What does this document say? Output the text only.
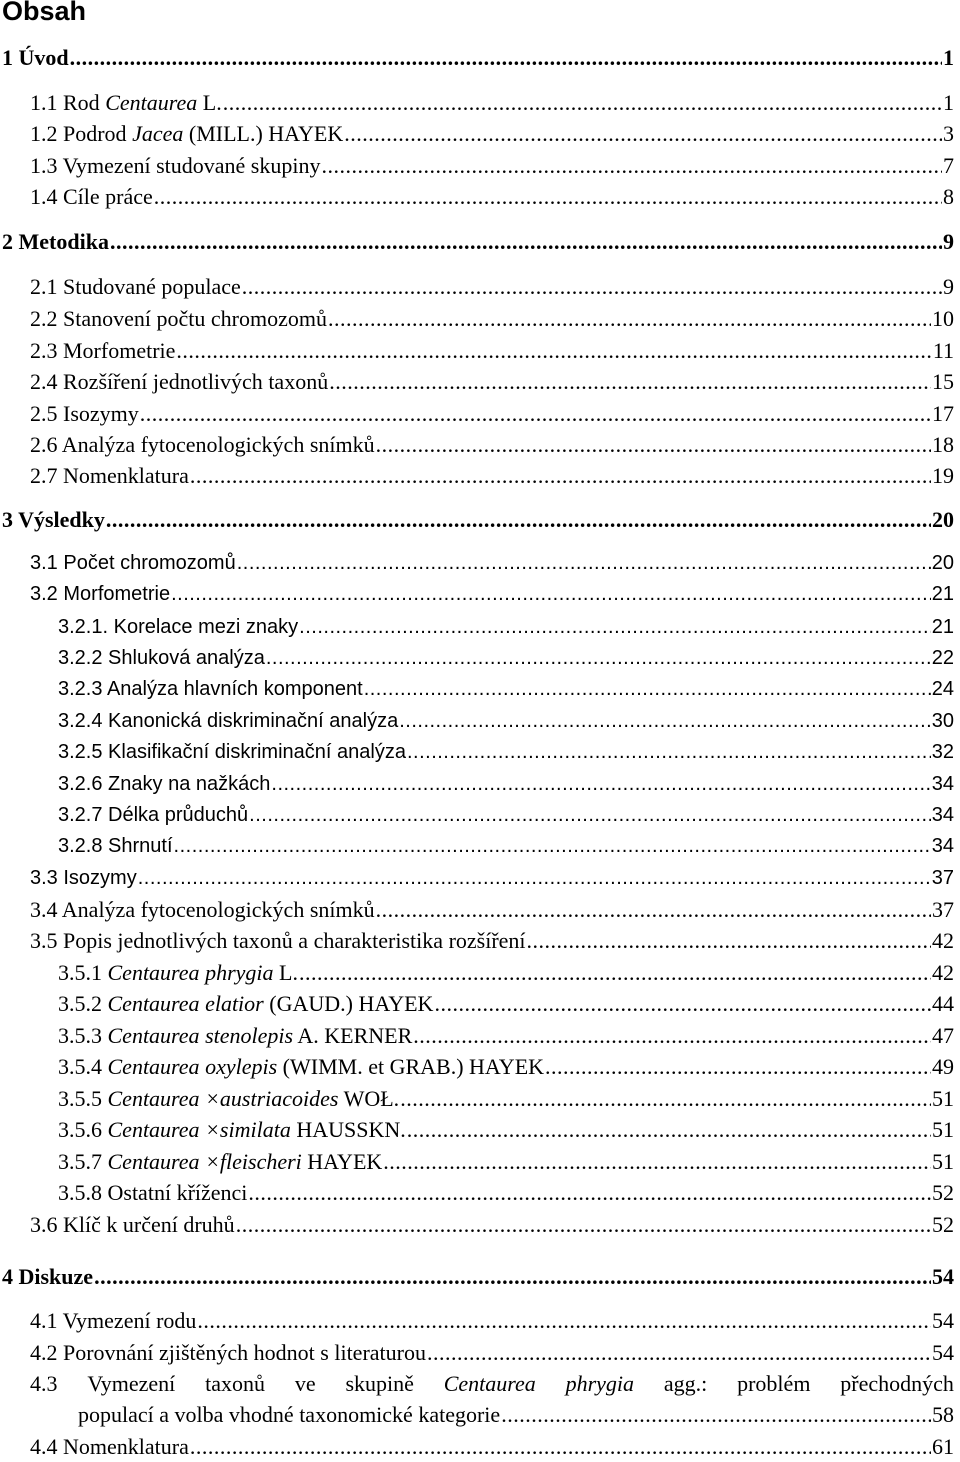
Obsah
1 Úvod .....	1
1.1 Rod Centaurea L. .....	1
1.2 Podrod Jacea (MILL.) HAYEK .....	3
1.3 Vymezení studované skupiny .....	7
1.4 Cíle práce .....	8
2 Metodika .....	9
2.1 Studované populace .....	9
2.2 Stanovení počtu chromozomů .....	10
2.3 Morfometrie .....	11
2.4 Rozšíření jednotlivých taxonů .....	15
2.5 Isozymy .....	17
2.6 Analýza fytocenologických snímků .....	18
2.7 Nomenklatura .....	19
3 Výsledky .....	20
3.1 Počet chromozomů .....	20
3.2 Morfometrie .....	21
3.2.1. Korelace mezi znaky .....	21
3.2.2 Shluková analýza .....	22
3.2.3 Analýza hlavních komponent .....	24
3.2.4 Kanonická diskriminační analýza .....	30
3.2.5 Klasifikační diskriminační analýza .....	32
3.2.6 Znaky na nažkách .....	34
3.2.7 Délka průduchů .....	34
3.2.8 Shrnutí .....	34
3.3 Isozymy .....	37
3.4 Analýza fytocenologických snímků .....	37
3.5 Popis jednotlivých taxonů a charakteristika rozšíření .....	42
3.5.1 Centaurea phrygia L. .....	42
3.5.2 Centaurea elatior (GAUD.) HAYEK .....	44
3.5.3 Centaurea stenolepis A. KERNER .....	47
3.5.4 Centaurea oxylepis (WIMM. et GRAB.) HAYEK .....	49
3.5.5 Centaurea ×austriacoides WOŁ. .....	51
3.5.6 Centaurea ×similata HAUSSKN. .....	51
3.5.7 Centaurea ×fleischeri HAYEK .....	51
3.5.8 Ostatní kříženci .....	52
3.6 Klíč k určení druhů .....	52
4 Diskuze .....	54
4.1 Vymezení rodu .....	54
4.2 Porovnání zjištěných hodnot s literaturou .....	54
4.3 Vymezení taxonů ve skupině Centaurea phrygia agg.: problém přechodných
populací a volba vhodné taxonomické kategorie .....	58
4.4 Nomenklatura .....	61
